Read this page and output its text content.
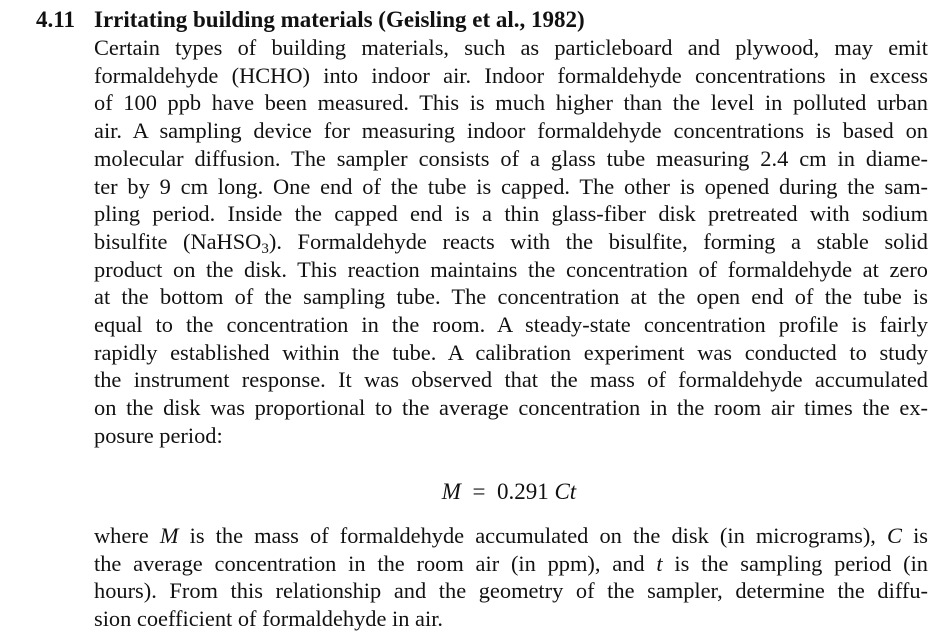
4.11 Irritating building materials (Geisling et al., 1982)
Certain types of building materials, such as particleboard and plywood, may emit
formaldehyde (HCHO) into indoor air. Indoor formaldehyde concentrations in excess
of 100 ppb have been measured. This is much higher than the level in polluted urban
air. A sampling device for measuring indoor formaldehyde concentrations is based on
molecular diffusion. The sampler consists of a glass tube measuring 2.4 cm in diame-
ter by 9 cm long. One end of the tube is capped. The other is opened during the sam-
pling period. Inside the capped end is a thin glass-fiber disk pretreated with sodium
bisulfite (NaHSO$_3$). Formaldehyde reacts with the bisulfite, forming a stable solid
product on the disk. This reaction maintains the concentration of formaldehyde at zero
at the bottom of the sampling tube. The concentration at the open end of the tube is
equal to the concentration in the room. A steady-state concentration profile is fairly
rapidly established within the tube. A calibration experiment was conducted to study
the instrument response. It was observed that the mass of formaldehyde accumulated
on the disk was proportional to the average concentration in the room air times the ex-
posure period:
M = 0.291 Ct
where M is the mass of formaldehyde accumulated on the disk (in micrograms), C is
the average concentration in the room air (in ppm), and t is the sampling period (in
hours). From this relationship and the geometry of the sampler, determine the diffu-
sion coefficient of formaldehyde in air.
